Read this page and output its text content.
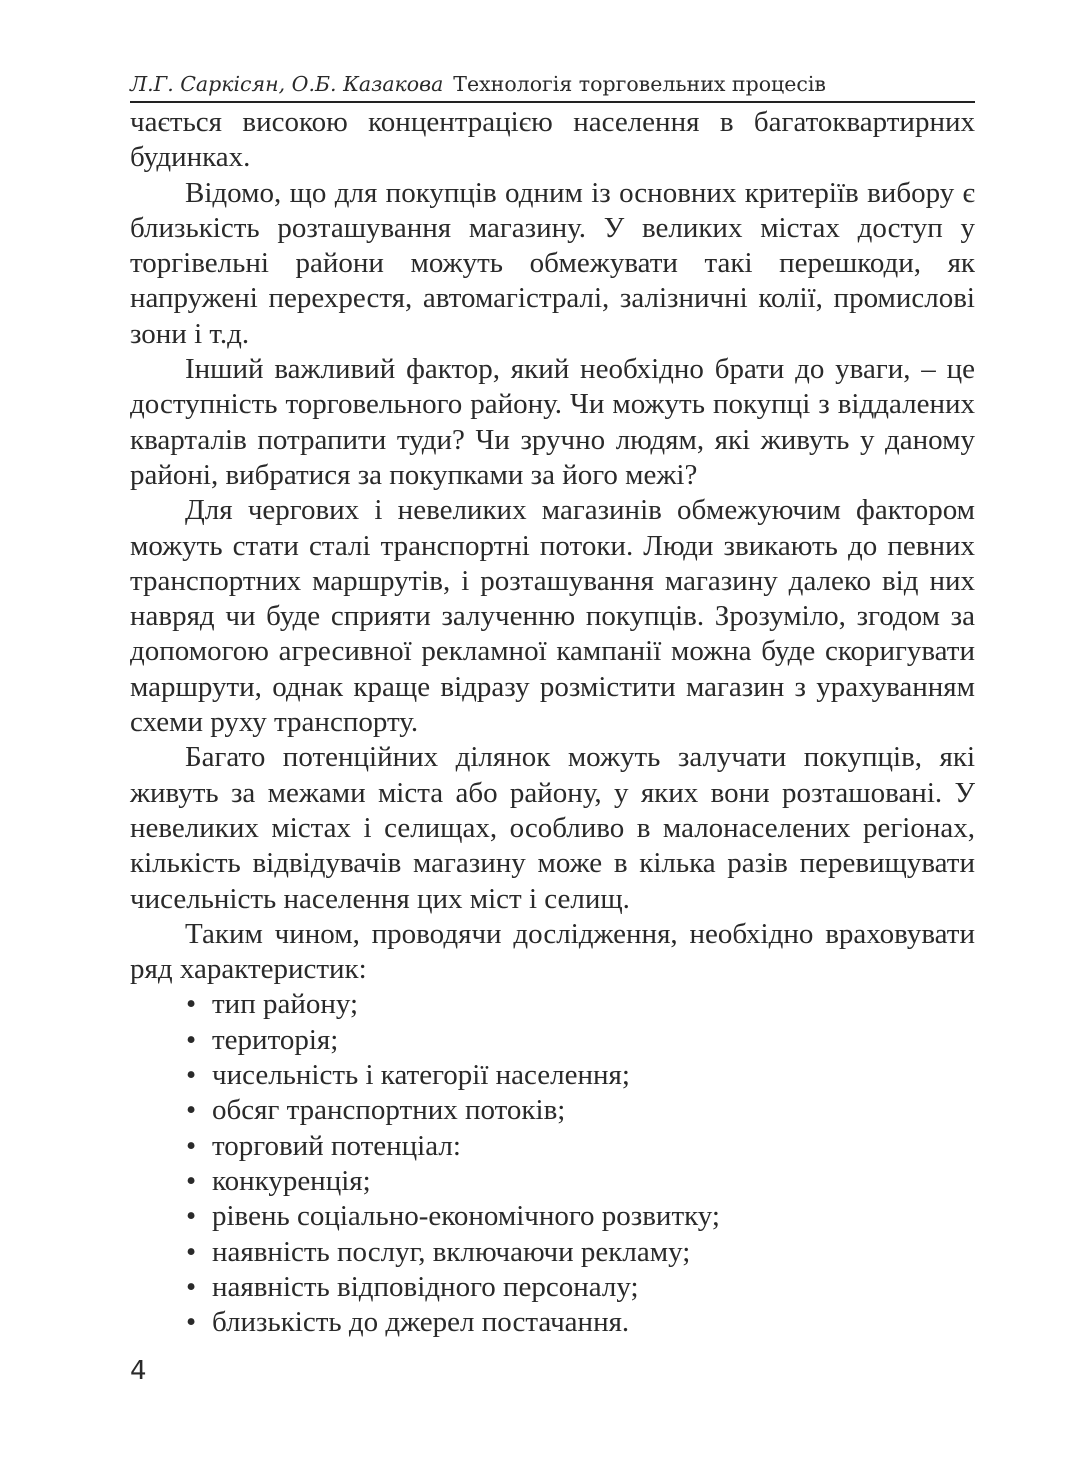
Л.Г. Саркісян, О.Б. Казакова Технологія торговельних процесів

чається високою концентрацією населення в багатоквартирних будинках.

Відомо, що для покупців одним із основних критеріїв вибору є близькість розташування магазину. У великих містах доступ у торгівельні райони можуть обмежувати такі перешкоди, як напружені перехрестя, автомагістралі, залізничні колії, промислові зони і т.д.

Інший важливий фактор, який необхідно брати до уваги, – це доступність торговельного району. Чи можуть покупці з віддалених кварталів потрапити туди? Чи зручно людям, які живуть у даному районі, вибратися за покупками за його межі?

Для чергових і невеликих магазинів обмежуючим фактором можуть стати сталі транспортні потоки. Люди звикають до певних транспортних маршрутів, і розташування магазину далеко від них навряд чи буде сприяти залученню покупців. Зрозуміло, згодом за допомогою агресивної рекламної кампанії можна буде скоригувати маршрути, однак краще відразу розмістити магазин з урахуванням схеми руху транспорту.

Багато потенційних ділянок можуть залучати покупців, які живуть за межами міста або району, у яких вони розташовані. У невеликих містах і селищах, особливо в малонаселених регіонах, кількість відвідувачів магазину може в кілька разів перевищувати чисельність населення цих міст і селищ.

Таким чином, проводячи дослідження, необхідно враховувати ряд характеристик:

• тип району;
• територія;
• чисельність і категорії населення;
• обсяг транспортних потоків;
• торговий потенціал:
• конкуренція;
• рівень соціально-економічного розвитку;
• наявність послуг, включаючи рекламу;
• наявність відповідного персоналу;
• близькість до джерел постачання.
4
